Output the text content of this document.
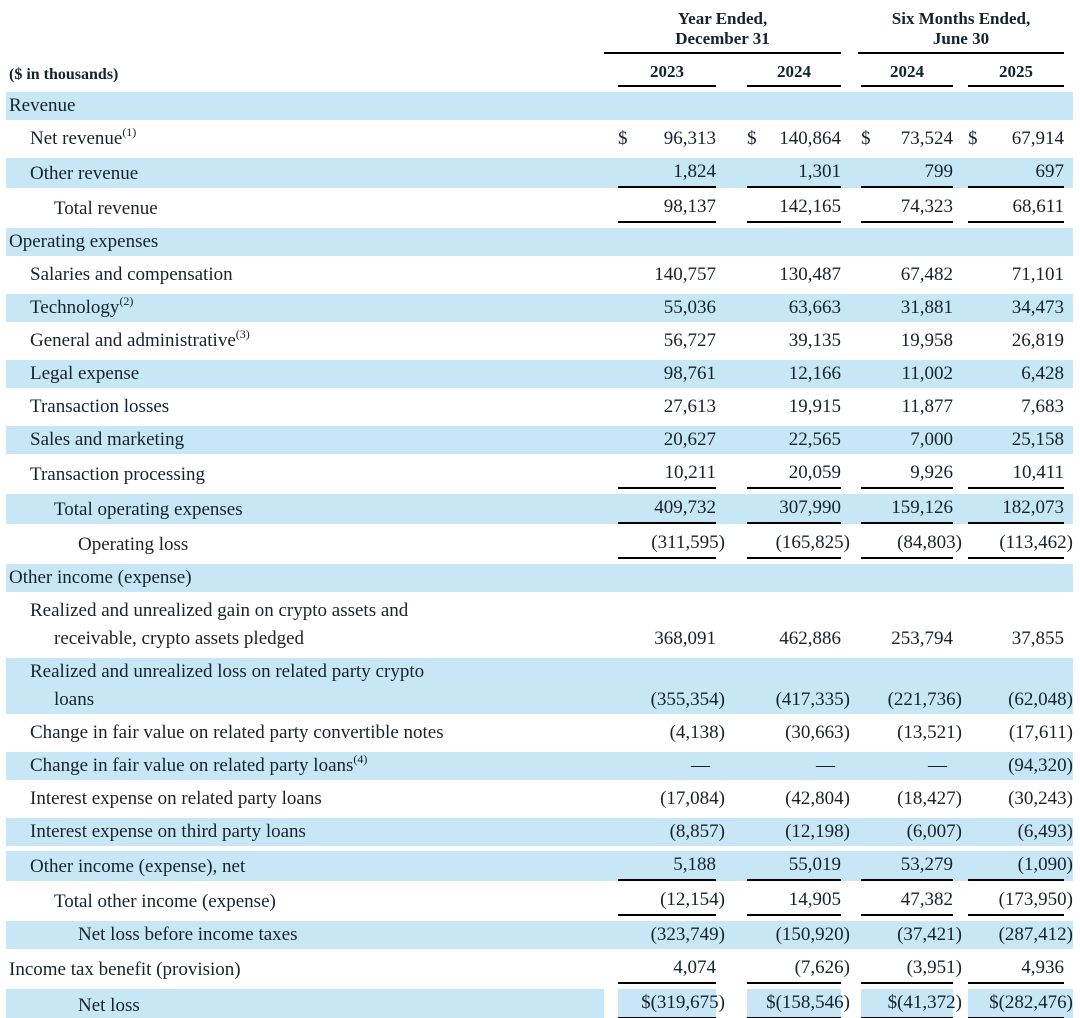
Year Ended,
December 31

Six Months Ended,
June 30

($ in thousands)	2023	2024	2024	2025	

Revenue					

Net revenue$^{(1)}$	$ 96,313	$ 140,864	$ 73,524	$ 67,914	

Other revenue	1,824	1,301	799	697	

Total revenue	98,137	142,165	74,323	68,611	

Operating expenses					

Salaries and compensation	140,757	130,487	67,482	71,101	

Technology$^{(2)}$	55,036	63,663	31,881	34,473	

General and administrative$^{(3)}$	56,727	39,135	19,958	26,819	

Legal expense	98,761	12,166	11,002	6,428	

Transaction losses	27,613	19,915	11,877	7,683	

Sales and marketing	20,627	22,565	7,000	25,158	

Transaction processing	10,211	20,059	9,926	10,411	

Total operating expenses	409,732	307,990	159,126	182,073	

Operating loss	(311,595)	(165,825)	(84,803)	(113,462)	

Other income (expense)					

Realized and unrealized gain on crypto assets and
receivable, crypto assets pledged	368,091	462,886	253,794	37,855	

Realized and unrealized loss on related party crypto
loans	(355,354)	(417,335)	(221,736)	(62,048)	

Change in fair value on related party convertible notes	(4,138)	(30,663)	(13,521)	(17,611)	

Change in fair value on related party loans$^{(4)}$	—	—	—	(94,320)	

Interest expense on related party loans	(17,084)	(42,804)	(18,427)	(30,243)	

Interest expense on third party loans	(8,857)	(12,198)	(6,007)	(6,493)	

Other income (expense), net	5,188	55,019	53,279	(1,090)	

Total other income (expense)	(12,154)	14,905	47,382	(173,950)	

Net loss before income taxes	(323,749)	(150,920)	(37,421)	(287,412)	

Income tax benefit (provision)	4,074	(7,626)	(3,951)	4,936	

Net loss	$ (319,675)	$ (158,546)	$ (41,372)	$ (282,476)	
